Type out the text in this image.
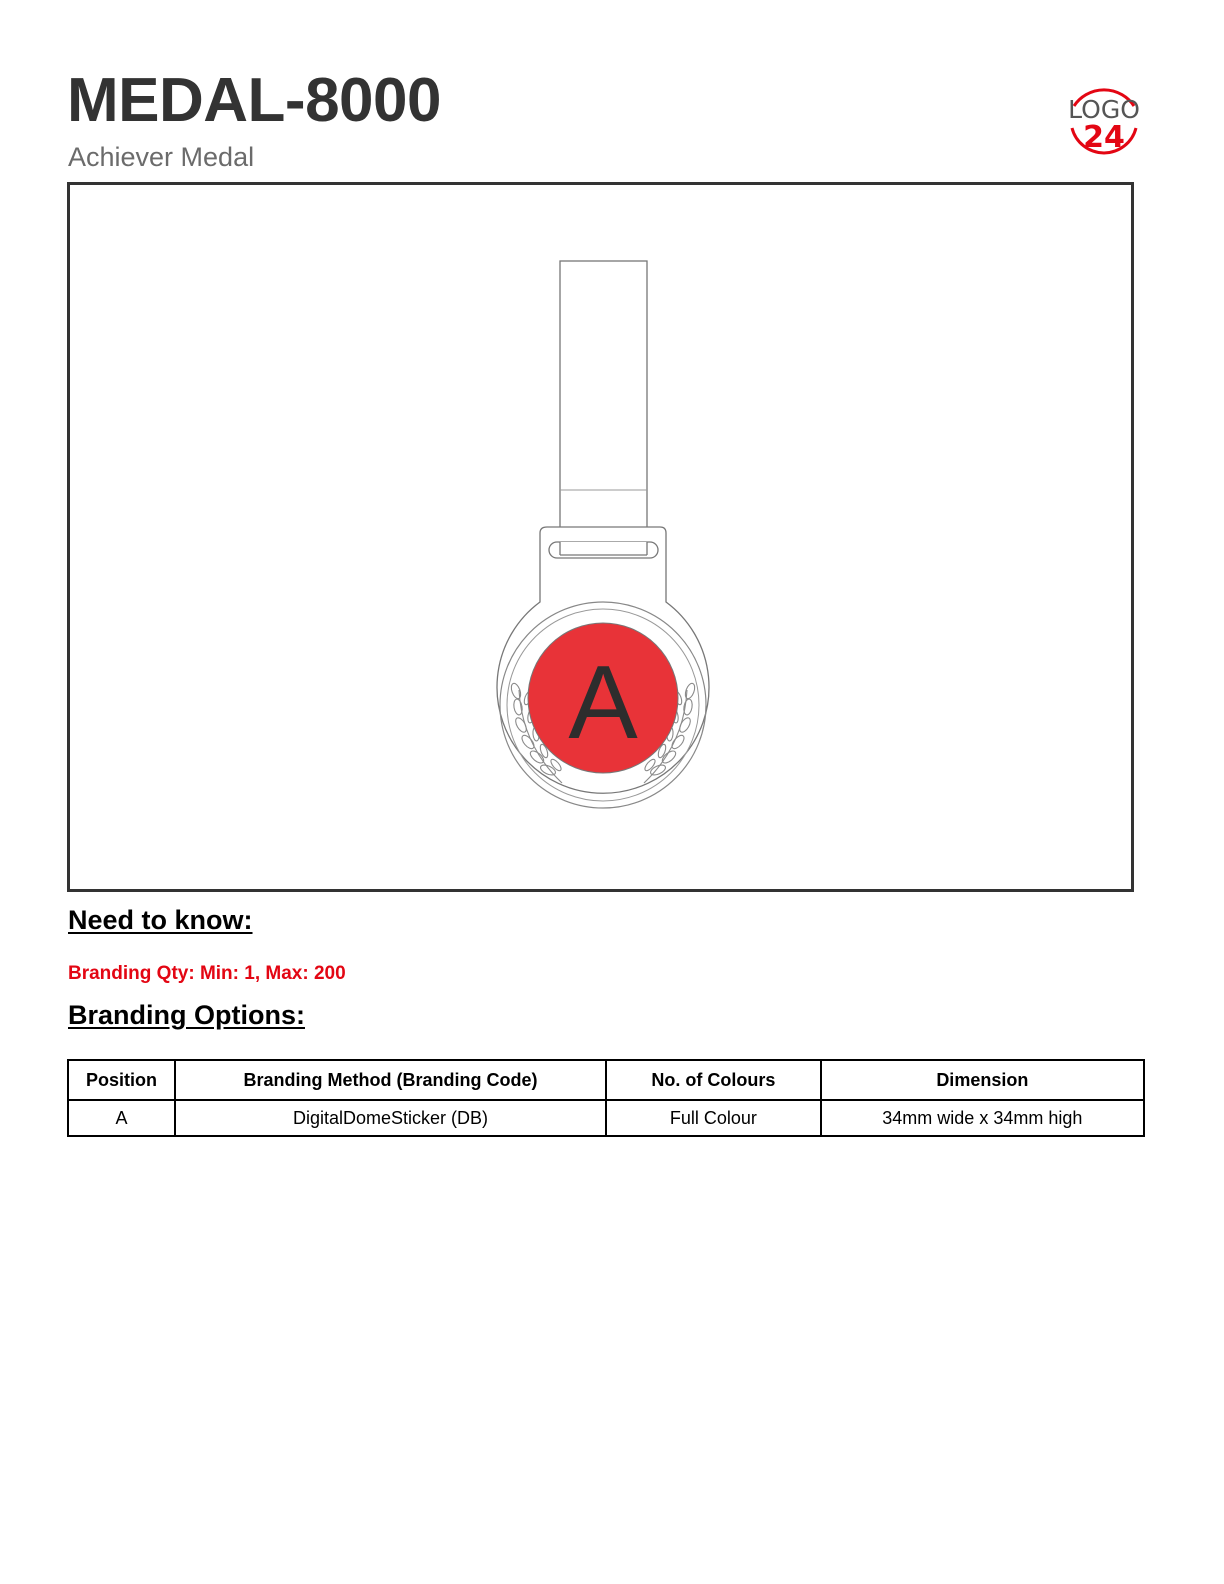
MEDAL-8000
Achiever Medal
LOGO
24
A
Need to know:
Branding Qty: Min: 1, Max: 200
Branding Options:
Position	Branding Method (Branding Code)	No. of Colours	Dimension
A	DigitalDomeSticker (DB)	Full Colour	34mm wide x 34mm high
